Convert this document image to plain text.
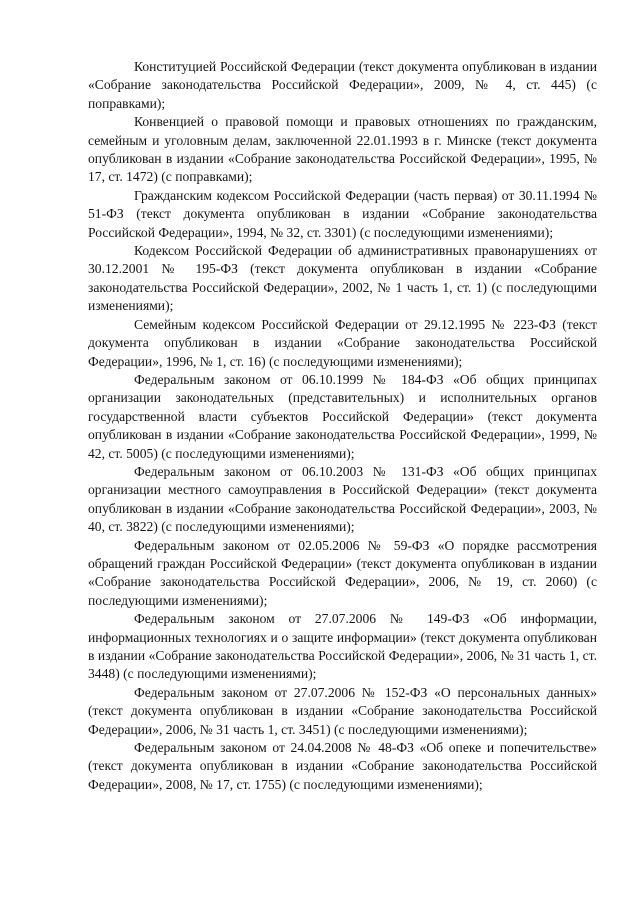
Конституцией Российской Федерации (текст документа опубликован в издании «Собрание законодательства Российской Федерации», 2009, № 4, ст. 445) (с поправками);

Конвенцией о правовой помощи и правовых отношениях по гражданским, семейным и уголовным делам, заключенной 22.01.1993 в г. Минске (текст документа опубликован в издании «Собрание законодательства Российской Федерации», 1995, № 17, ст. 1472) (с поправками);

Гражданским кодексом Российской Федерации (часть первая) от 30.11.1994 № 51-ФЗ (текст документа опубликован в издании «Собрание законодательства Российской Федерации», 1994, № 32, ст. 3301) (с последующими изменениями);

Кодексом Российской Федерации об административных правонарушениях от 30.12.2001 № 195-ФЗ (текст документа опубликован в издании «Собрание законодательства Российской Федерации», 2002, № 1 часть 1, ст. 1) (с последующими изменениями);

Семейным кодексом Российской Федерации от 29.12.1995 № 223-ФЗ (текст документа опубликован в издании «Собрание законодательства Российской Федерации», 1996, № 1, ст. 16) (с последующими изменениями);

Федеральным законом от 06.10.1999 № 184-ФЗ «Об общих принципах организации законодательных (представительных) и исполнительных органов государственной власти субъектов Российской Федерации» (текст документа опубликован в издании «Собрание законодательства Российской Федерации», 1999, № 42, ст. 5005) (с последующими изменениями);

Федеральным законом от 06.10.2003 № 131-ФЗ «Об общих принципах организации местного самоуправления в Российской Федерации» (текст документа опубликован в издании «Собрание законодательства Российской Федерации», 2003, № 40, ст. 3822) (с последующими изменениями);

Федеральным законом от 02.05.2006 № 59-ФЗ «О порядке рассмотрения обращений граждан Российской Федерации» (текст документа опубликован в издании «Собрание законодательства Российской Федерации», 2006, № 19, ст. 2060) (с последующими изменениями);

Федеральным законом от 27.07.2006 № 149-ФЗ «Об информации, информационных технологиях и о защите информации» (текст документа опубликован в издании «Собрание законодательства Российской Федерации», 2006, № 31 часть 1, ст. 3448) (с последующими изменениями);

Федеральным законом от 27.07.2006 № 152-ФЗ «О персональных данных» (текст документа опубликован в издании «Собрание законодательства Российской Федерации», 2006, № 31 часть 1, ст. 3451) (с последующими изменениями);

Федеральным законом от 24.04.2008 № 48-ФЗ «Об опеке и попечительстве» (текст документа опубликован в издании «Собрание законодательства Российской Федерации», 2008, № 17, ст. 1755) (с последующими изменениями);
